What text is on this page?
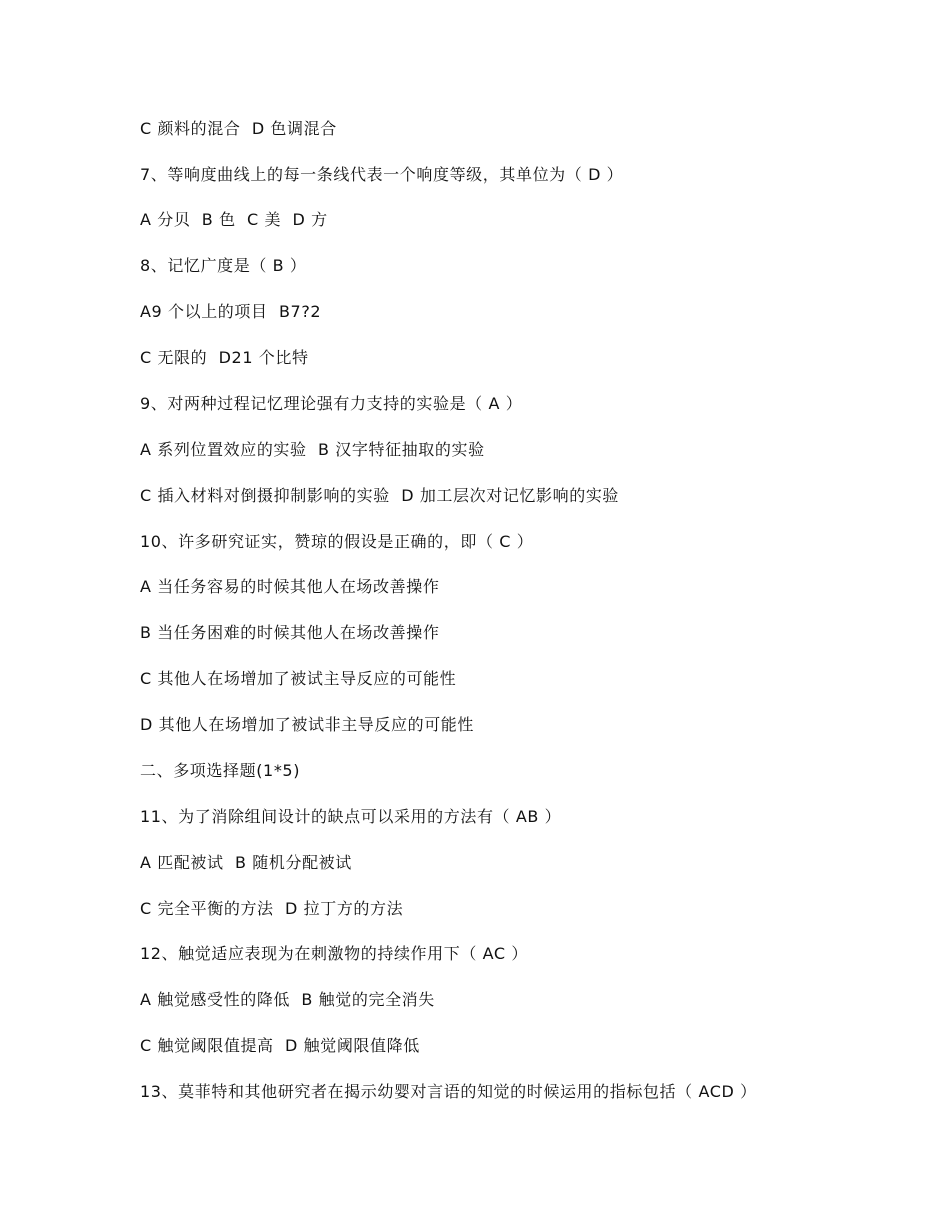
C 颜料的混合  D 色调混合
7、等响度曲线上的每一条线代表一个响度等级，其单位为（ D ）
A 分贝  B 色  C 美  D 方
8、记忆广度是（ B ）
A9 个以上的项目  B7?2
C 无限的  D21 个比特
9、对两种过程记忆理论强有力支持的实验是（ A ）
A 系列位置效应的实验  B 汉字特征抽取的实验
C 插入材料对倒摄抑制影响的实验  D 加工层次对记忆影响的实验
10、许多研究证实，赞琼的假设是正确的，即（ C ）
A 当任务容易的时候其他人在场改善操作
B 当任务困难的时候其他人在场改善操作
C 其他人在场增加了被试主导反应的可能性
D 其他人在场增加了被试非主导反应的可能性
二、多项选择题(1*5)
11、为了消除组间设计的缺点可以采用的方法有（ AB ）
A 匹配被试  B 随机分配被试
C 完全平衡的方法  D 拉丁方的方法
12、触觉适应表现为在刺激物的持续作用下（ AC ）
A 触觉感受性的降低  B 触觉的完全消失
C 触觉阈限值提高  D 触觉阈限值降低
13、莫菲特和其他研究者在揭示幼婴对言语的知觉的时候运用的指标包括（ ACD ）
